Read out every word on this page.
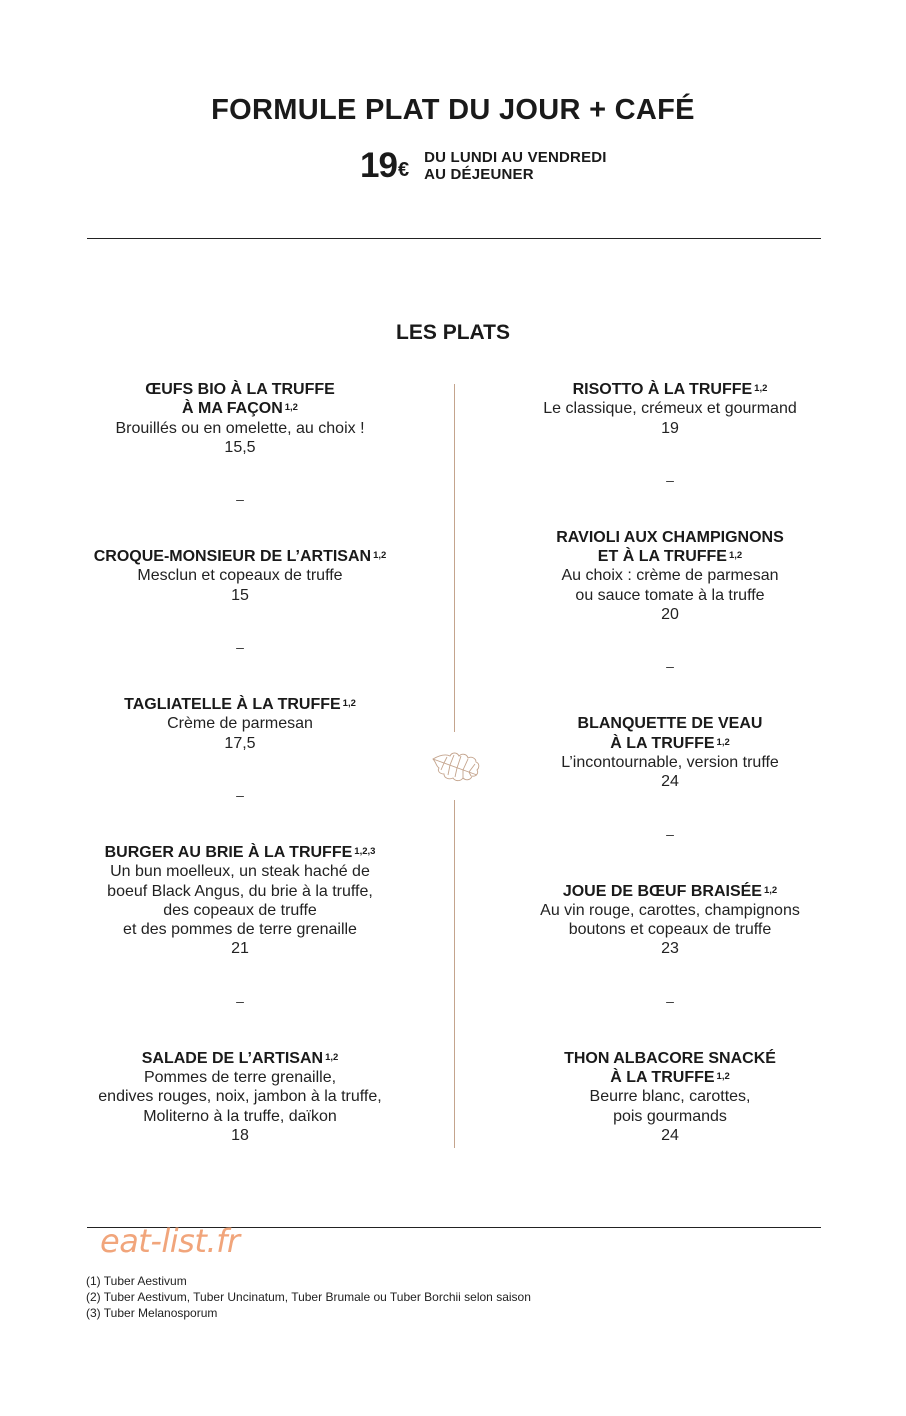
FORMULE PLAT DU JOUR + CAFÉ
19 €
DU LUNDI AU VENDREDI
AU DÉJEUNER
LES PLATS
ŒUFS BIO À LA TRUFFE
À MA FAÇON $^{1,2}$
Brouillés ou en omelette, au choix !
15,5
–
CROQUE-MONSIEUR DE L’ARTISAN $^{1,2}$
Mesclun et copeaux de truffe
15
–
TAGLIATELLE À LA TRUFFE $^{1,2}$
Crème de parmesan
17,5
–
BURGER AU BRIE À LA TRUFFE $^{1,2,3}$
Un bun moelleux, un steak haché de
boeuf Black Angus, du brie à la truffe,
des copeaux de truffe
et des pommes de terre grenaille
21
–
SALADE DE L’ARTISAN $^{1,2}$
Pommes de terre grenaille,
endives rouges, noix, jambon à la truffe,
Moliterno à la truffe, daïkon
18
RISOTTO À LA TRUFFE $^{1,2}$
Le classique, crémeux et gourmand
19
–
RAVIOLI AUX CHAMPIGNONS
ET À LA TRUFFE $^{1,2}$
Au choix : crème de parmesan
ou sauce tomate à la truffe
20
–
BLANQUETTE DE VEAU
À LA TRUFFE $^{1,2}$
L’incontournable, version truffe
24
–
JOUE DE BŒUF BRAISÉE $^{1,2}$
Au vin rouge, carottes, champignons
boutons et copeaux de truffe
23
–
THON ALBACORE SNACKÉ
À LA TRUFFE $^{1,2}$
Beurre blanc, carottes,
pois gourmands
24
eat-list.fr
(1) Tuber Aestivum
(2) Tuber Aestivum, Tuber Uncinatum, Tuber Brumale ou Tuber Borchii selon saison
(3) Tuber Melanosporum
